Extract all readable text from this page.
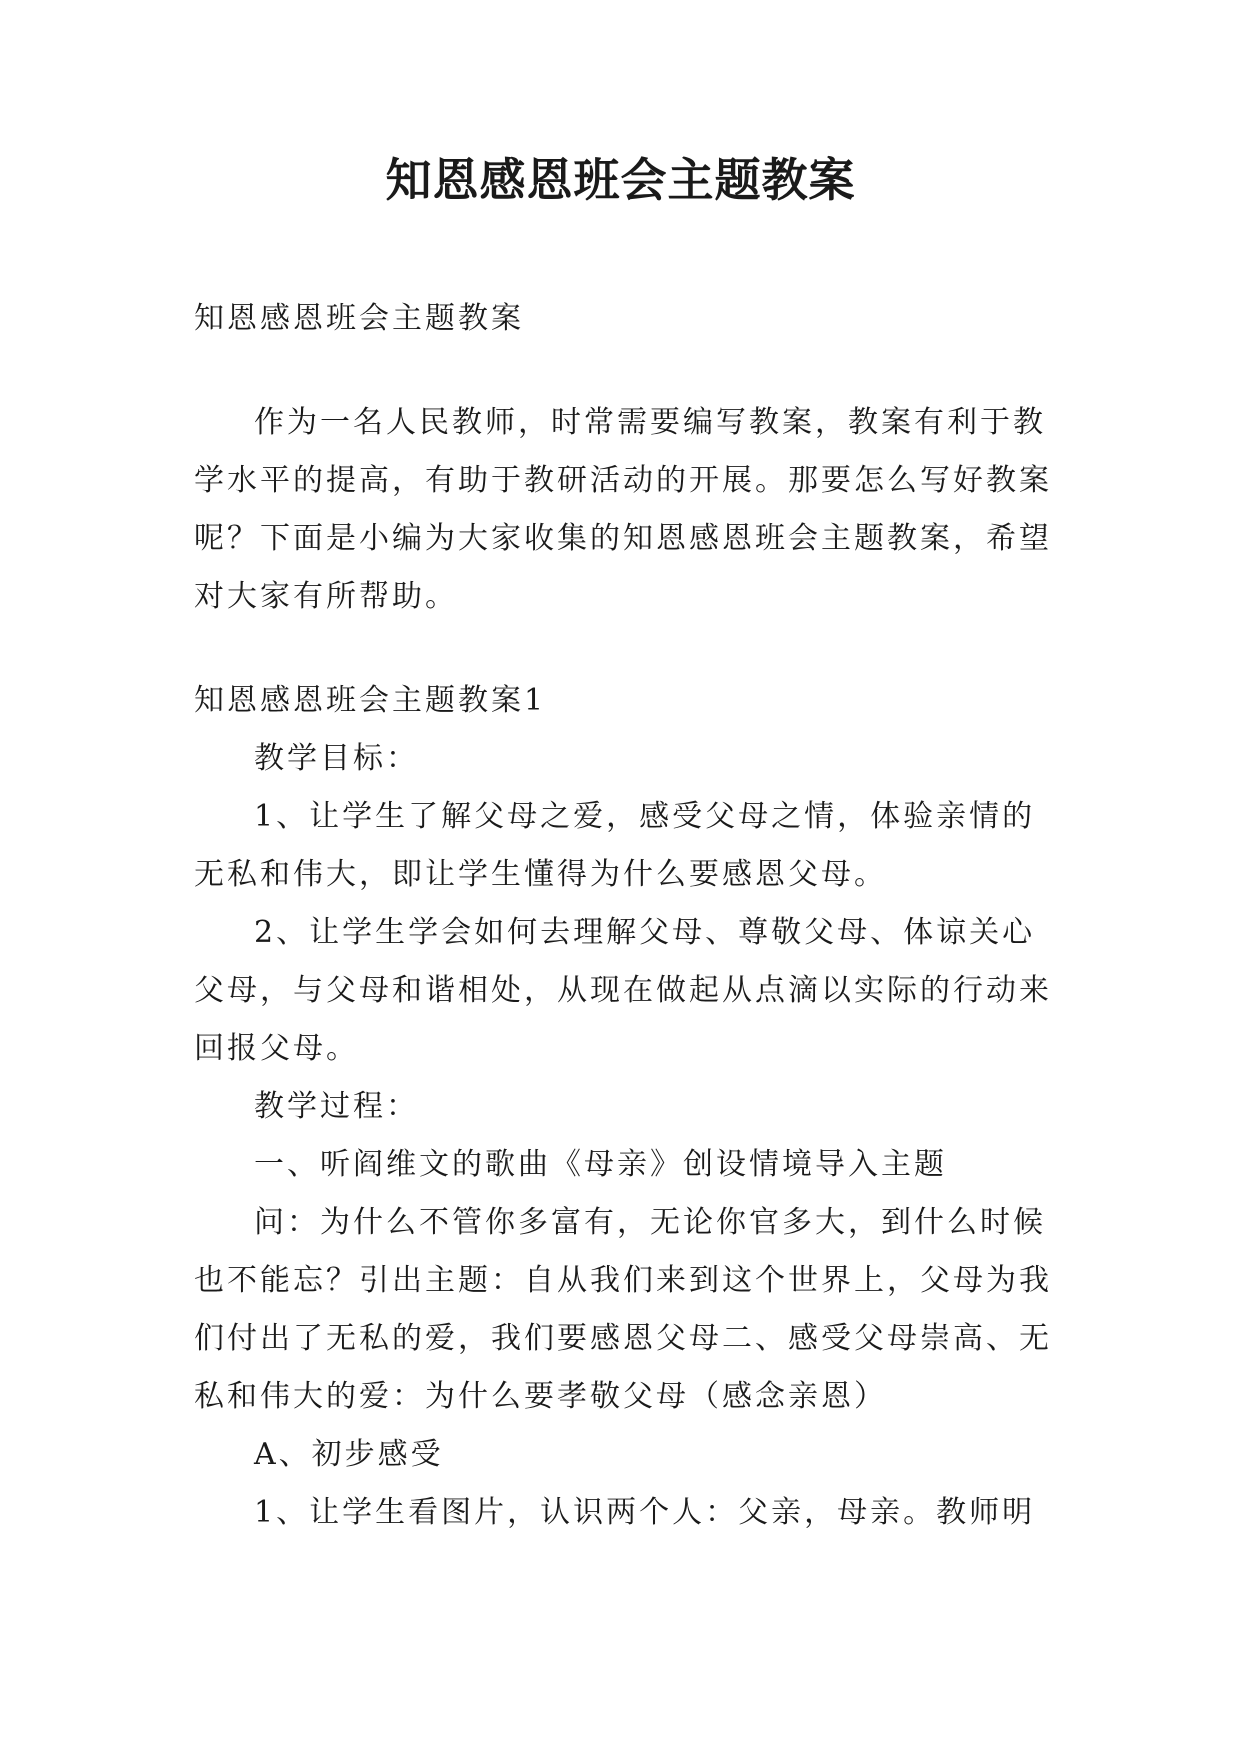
知恩感恩班会主题教案

知恩感恩班会主题教案

作为一名人民教师，时常需要编写教案，教案有利于教学水平的提高，有助于教研活动的开展。那要怎么写好教案呢？下面是小编为大家收集的知恩感恩班会主题教案，希望对大家有所帮助。

知恩感恩班会主题教案1

教学目标：

1、让学生了解父母之爱，感受父母之情，体验亲情的无私和伟大，即让学生懂得为什么要感恩父母。

2、让学生学会如何去理解父母、尊敬父母、体谅关心父母，与父母和谐相处，从现在做起从点滴以实际的行动来回报父母。

教学过程：

一、听阎维文的歌曲《母亲》创设情境导入主题

问：为什么不管你多富有，无论你官多大，到什么时候也不能忘？引出主题：自从我们来到这个世界上，父母为我们付出了无私的爱，我们要感恩父母二、感受父母崇高、无私和伟大的爱：为什么要孝敬父母（感念亲恩）

A、初步感受

1、让学生看图片，认识两个人：父亲，母亲。教师明
